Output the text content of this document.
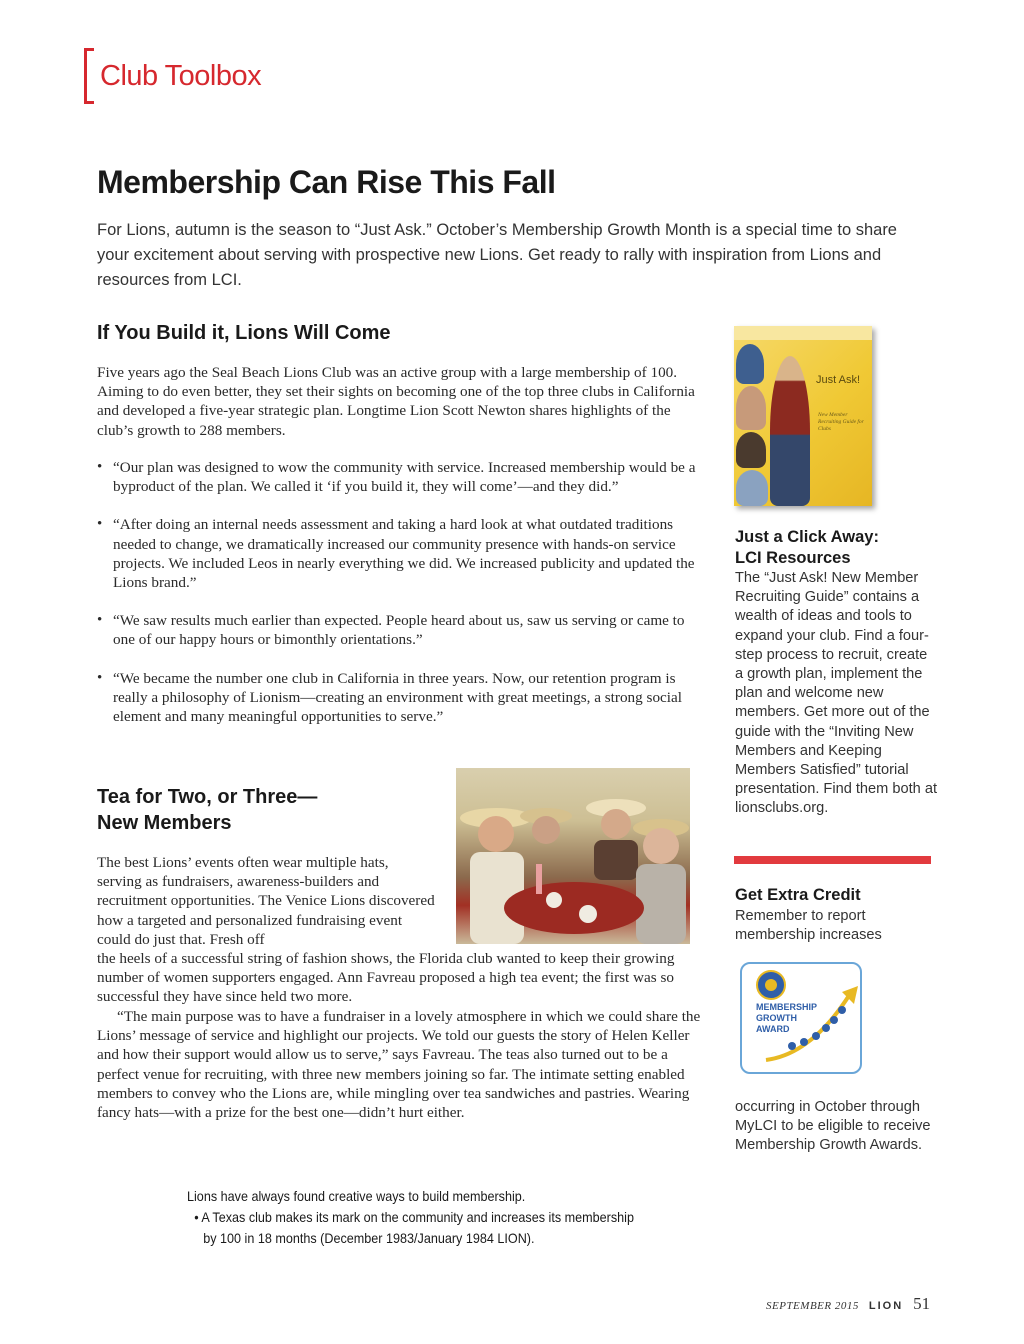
Club Toolbox
Membership Can Rise This Fall

For Lions, autumn is the season to “Just Ask.” October’s Membership Growth Month is a special time to share your excitement about serving with prospective new Lions. Get ready to rally with inspiration from Lions and resources from LCI.

If You Build it, Lions Will Come

Five years ago the Seal Beach Lions Club was an active group with a large membership of 100. Aiming to do even better, they set their sights on becoming one of the top three clubs in California and developed a five-year strategic plan. Longtime Lion Scott Newton shares highlights of the club’s growth to 288 members.

• “Our plan was designed to wow the community with service. Increased membership would be a byproduct of the plan. We called it ‘if you build it, they will come’—and they did.”
• “After doing an internal needs assessment and taking a hard look at what outdated traditions needed to change, we dramatically increased our community presence with hands-on service projects. We included Leos in nearly everything we did. We increased publicity and updated the Lions brand.”
• “We saw results much earlier than expected. People heard about us, saw us serving or came to one of our happy hours or bimonthly orientations.”
• “We became the number one club in California in three years. Now, our retention program is really a philosophy of Lionism—creating an environment with great meetings, a strong social element and many meaningful opportunities to serve.”
Just Ask!
New Member Recruiting Guide for Clubs
Just a Click Away:
LCI Resources

The “Just Ask! New Member Recruiting Guide” contains a wealth of ideas and tools to expand your club. Find a four-step process to recruit, create a growth plan, implement the plan and welcome new members. Get more out of the guide with the “Inviting New Members and Keeping Members Satisfied” tutorial presentation. Find them both at lionsclubs.org.

Get Extra Credit

Remember to report membership increases

MEMBERSHIP GROWTH AWARD

occurring in October through MyLCI to be eligible to receive Membership Growth Awards.

Tea for Two, or Three—
New Members

The best Lions’ events often wear multiple hats, serving as fundraisers, awareness-builders and recruitment opportunities. The Venice Lions discovered how a targeted and personalized fundraising event could do just that. Fresh off

the heels of a successful string of fashion shows, the Florida club wanted to keep their growing number of women supporters engaged. Ann Favreau proposed a high tea event; the first was so successful they have since held two more.

“The main purpose was to have a fundraiser in a lovely atmosphere in which we could share the Lions’ message of service and highlight our projects. We told our guests the story of Helen Keller and how their support would allow us to serve,” says Favreau. The teas also turned out to be a perfect venue for recruiting, with three new members joining so far. The intimate setting enabled members to convey who the Lions are, while mingling over tea sandwiches and pastries. Wearing fancy hats—with a prize for the best one—didn’t hurt either.

Lions have always found creative ways to build membership.
• A Texas club makes its mark on the community and increases its membership
by 100 in 18 months (December 1983/January 1984 LION).
SEPTEMBER 2015 LION 51
